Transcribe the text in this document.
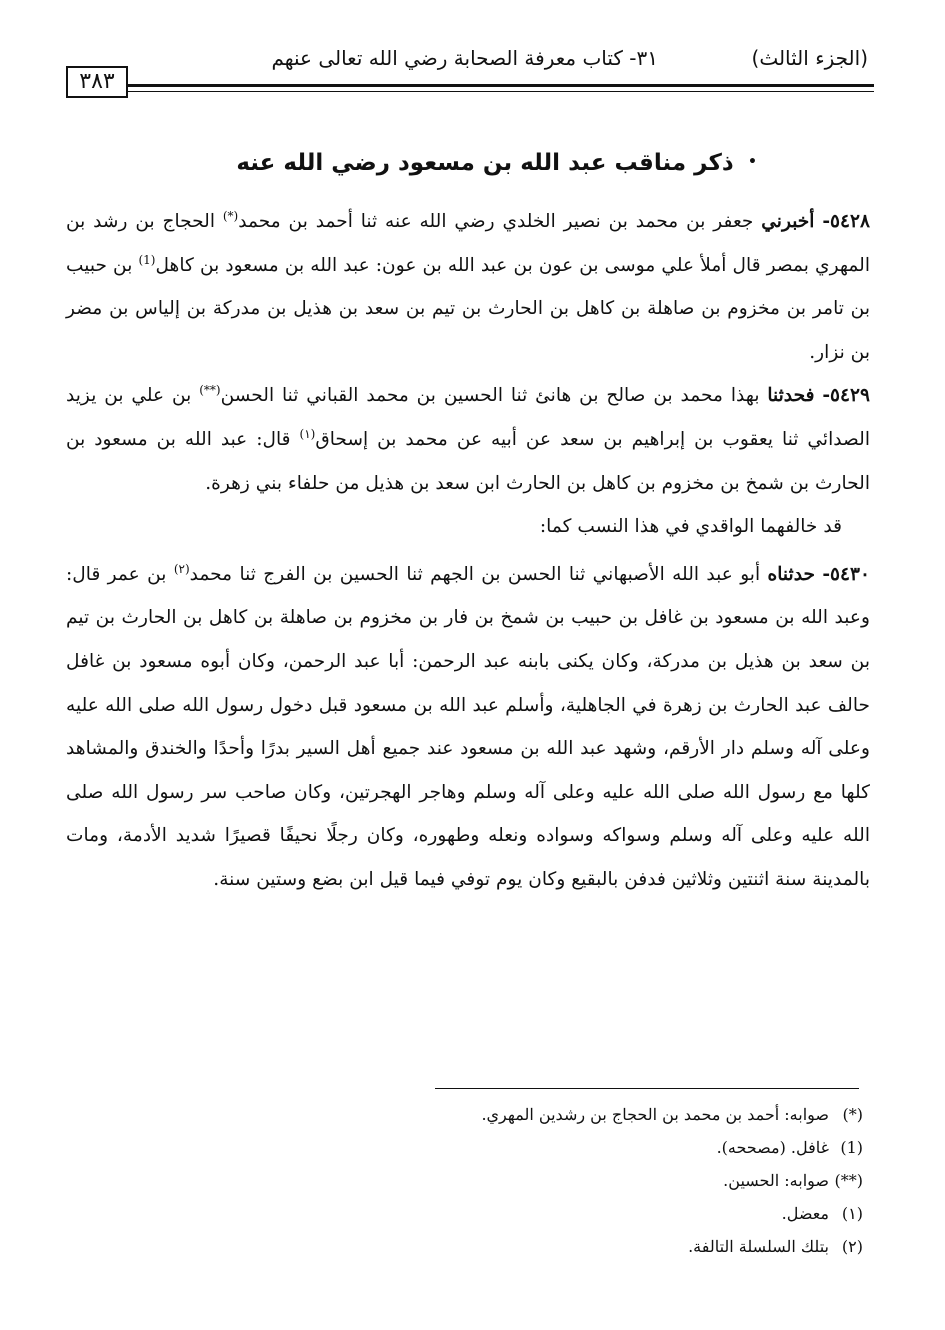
٣٨٣
(الجزء الثالث)
٣١- كتاب معرفة الصحابة رضي الله تعالى عنهم
•
ذكر مناقب عبد الله بن مسعود رضي الله عنه

٥٤٢٨- أخبرني جعفر بن محمد بن نصير الخلدي رضي الله عنه ثنا أحمد بن محمد(*) الحجاج بن رشد بن المهري بمصر قال أملأ علي موسى بن عون بن عبد الله بن عون: عبد الله بن مسعود بن كاهل$^{(1)}$ بن حبيب بن تامر بن مخزوم بن صاهلة بن كاهل بن الحارث بن تيم بن سعد بن هذيل بن مدركة بن إلياس بن مضر بن نزار.

٥٤٢٩- فحدثنا بهذا محمد بن صالح بن هانئ ثنا الحسين بن محمد القباني ثنا الحسن(**) بن علي بن يزيد الصدائي ثنا يعقوب بن إبراهيم بن سعد عن أبيه عن محمد بن إسحاق$^{(١)}$ قال: عبد الله بن مسعود بن الحارث بن شمخ بن مخزوم بن كاهل بن الحارث ابن سعد بن هذيل من حلفاء بني زهرة.

قد خالفهما الواقدي في هذا النسب كما:

٥٤٣٠- حدثناه أبو عبد الله الأصبهاني ثنا الحسن بن الجهم ثنا الحسين بن الفرج ثنا محمد$^{(٢)}$ بن عمر قال: وعبد الله بن مسعود بن غافل بن حبيب بن شمخ بن فار بن مخزوم بن صاهلة بن كاهل بن الحارث بن تيم بن سعد بن هذيل بن مدركة، وكان يكنى بابنه عبد الرحمن: أبا عبد الرحمن، وكان أبوه مسعود بن غافل حالف عبد الحارث بن زهرة في الجاهلية، وأسلم عبد الله بن مسعود قبل دخول رسول الله صلى الله عليه وعلى آله وسلم دار الأرقم، وشهد عبد الله بن مسعود عند جميع أهل السير بدرًا وأحدًا والخندق والمشاهد كلها مع رسول الله صلى الله عليه وعلى آله وسلم وهاجر الهجرتين، وكان صاحب سر رسول الله صلى الله عليه وعلى آله وسلم وسواكه وسواده ونعله وطهوره، وكان رجلًا نحيفًا قصيرًا شديد الأدمة، ومات بالمدينة سنة اثنتين وثلاثين فدفن بالبقيع وكان يوم توفي فيما قيل ابن بضع وستين سنة.

(*)صوابه: أحمد بن محمد بن الحجاج بن رشدين المهري.

(1)غافل. (مصححه).

(**)صوابه: الحسين.

(١)معضل.

(٢)بتلك السلسلة التالفة.
